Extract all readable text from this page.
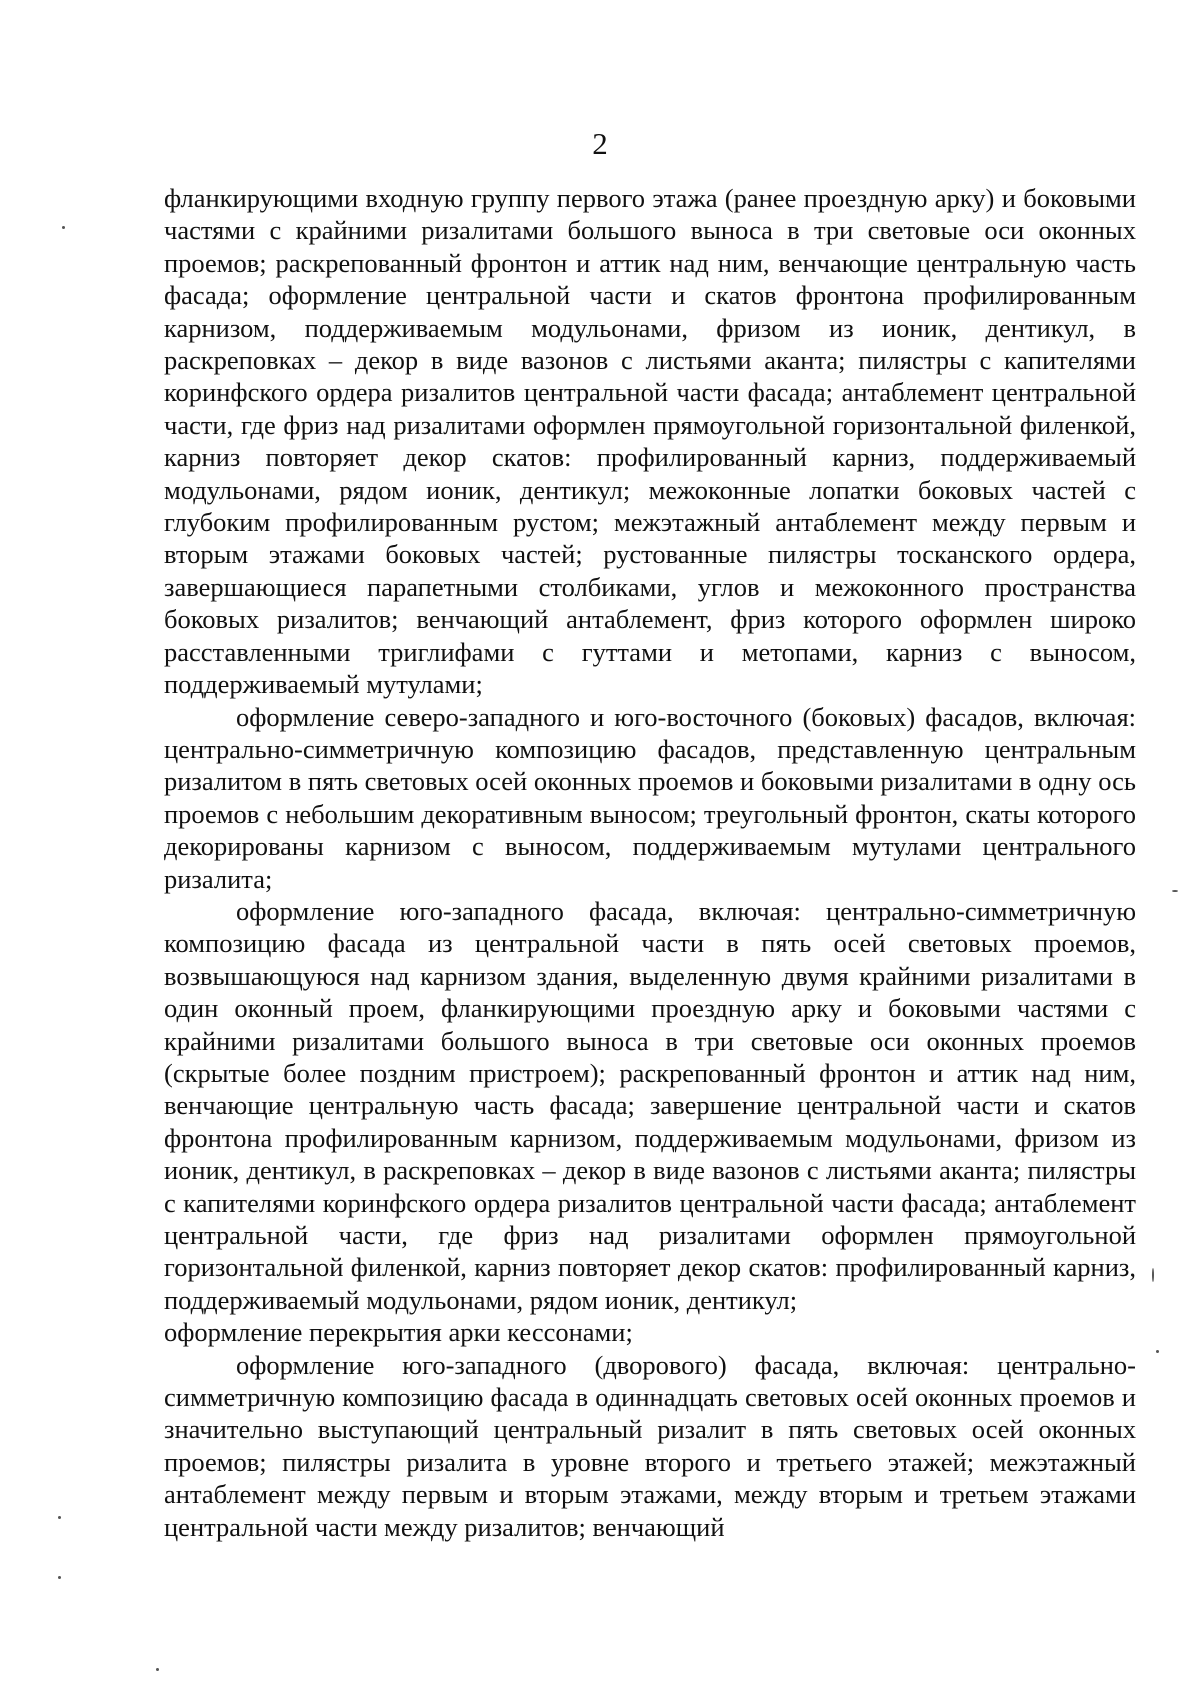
2

фланкирующими входную группу первого этажа (ранее проездную арку) и боковыми частями с крайними ризалитами большого выноса в три световые оси оконных проемов; раскрепованный фронтон и аттик над ним, венчающие центральную часть фасада; оформление центральной части и скатов фронтона профилированным карнизом, поддерживаемым модульонами, фризом из ионик, дентикул, в раскреповках – декор в виде вазонов с листьями аканта; пилястры с капителями коринфского ордера ризалитов центральной части фасада; антаблемент центральной части, где фриз над ризалитами оформлен прямоугольной горизонтальной филенкой, карниз повторяет декор скатов: профилированный карниз, поддерживаемый модульонами, рядом ионик, дентикул; межоконные лопатки боковых частей с глубоким профилированным рустом; межэтажный антаблемент между первым и вторым этажами боковых частей; рустованные пилястры тосканского ордера, завершающиеся парапетными столбиками, углов и межоконного пространства боковых ризалитов; венчающий антаблемент, фриз которого оформлен широко расставленными триглифами с гуттами и метопами, карниз с выносом, поддерживаемый мутулами;

оформление северо-западного и юго-восточного (боковых) фасадов, включая: центрально-симметричную композицию фасадов, представленную центральным ризалитом в пять световых осей оконных проемов и боковыми ризалитами в одну ось проемов с небольшим декоративным выносом; треугольный фронтон, скаты которого декорированы карнизом с выносом, поддерживаемым мутулами центрального ризалита;

оформление юго-западного фасада, включая: центрально-симметричную композицию фасада из центральной части в пять осей световых проемов, возвышающуюся над карнизом здания, выделенную двумя крайними ризалитами в один оконный проем, фланкирующими проездную арку и боковыми частями с крайними ризалитами большого выноса в три световые оси оконных проемов (скрытые более поздним пристроем); раскрепованный фронтон и аттик над ним, венчающие центральную часть фасада; завершение центральной части и скатов фронтона профилированным карнизом, поддерживаемым модульонами, фризом из ионик, дентикул, в раскреповках – декор в виде вазонов с листьями аканта; пилястры с капителями коринфского ордера ризалитов центральной части фасада; антаблемент центральной части, где фриз над ризалитами оформлен прямоугольной горизонтальной филенкой, карниз повторяет декор скатов: профилированный карниз, поддерживаемый модульонами, рядом ионик, дентикул;

оформление перекрытия арки кессонами;

оформление юго-западного (дворового) фасада, включая: центрально-симметричную композицию фасада в одиннадцать световых осей оконных проемов и значительно выступающий центральный ризалит в пять световых осей оконных проемов; пилястры ризалита в уровне второго и третьего этажей; межэтажный антаблемент между первым и вторым этажами, между вторым и третьем этажами центральной части между ризалитов; венчающий
